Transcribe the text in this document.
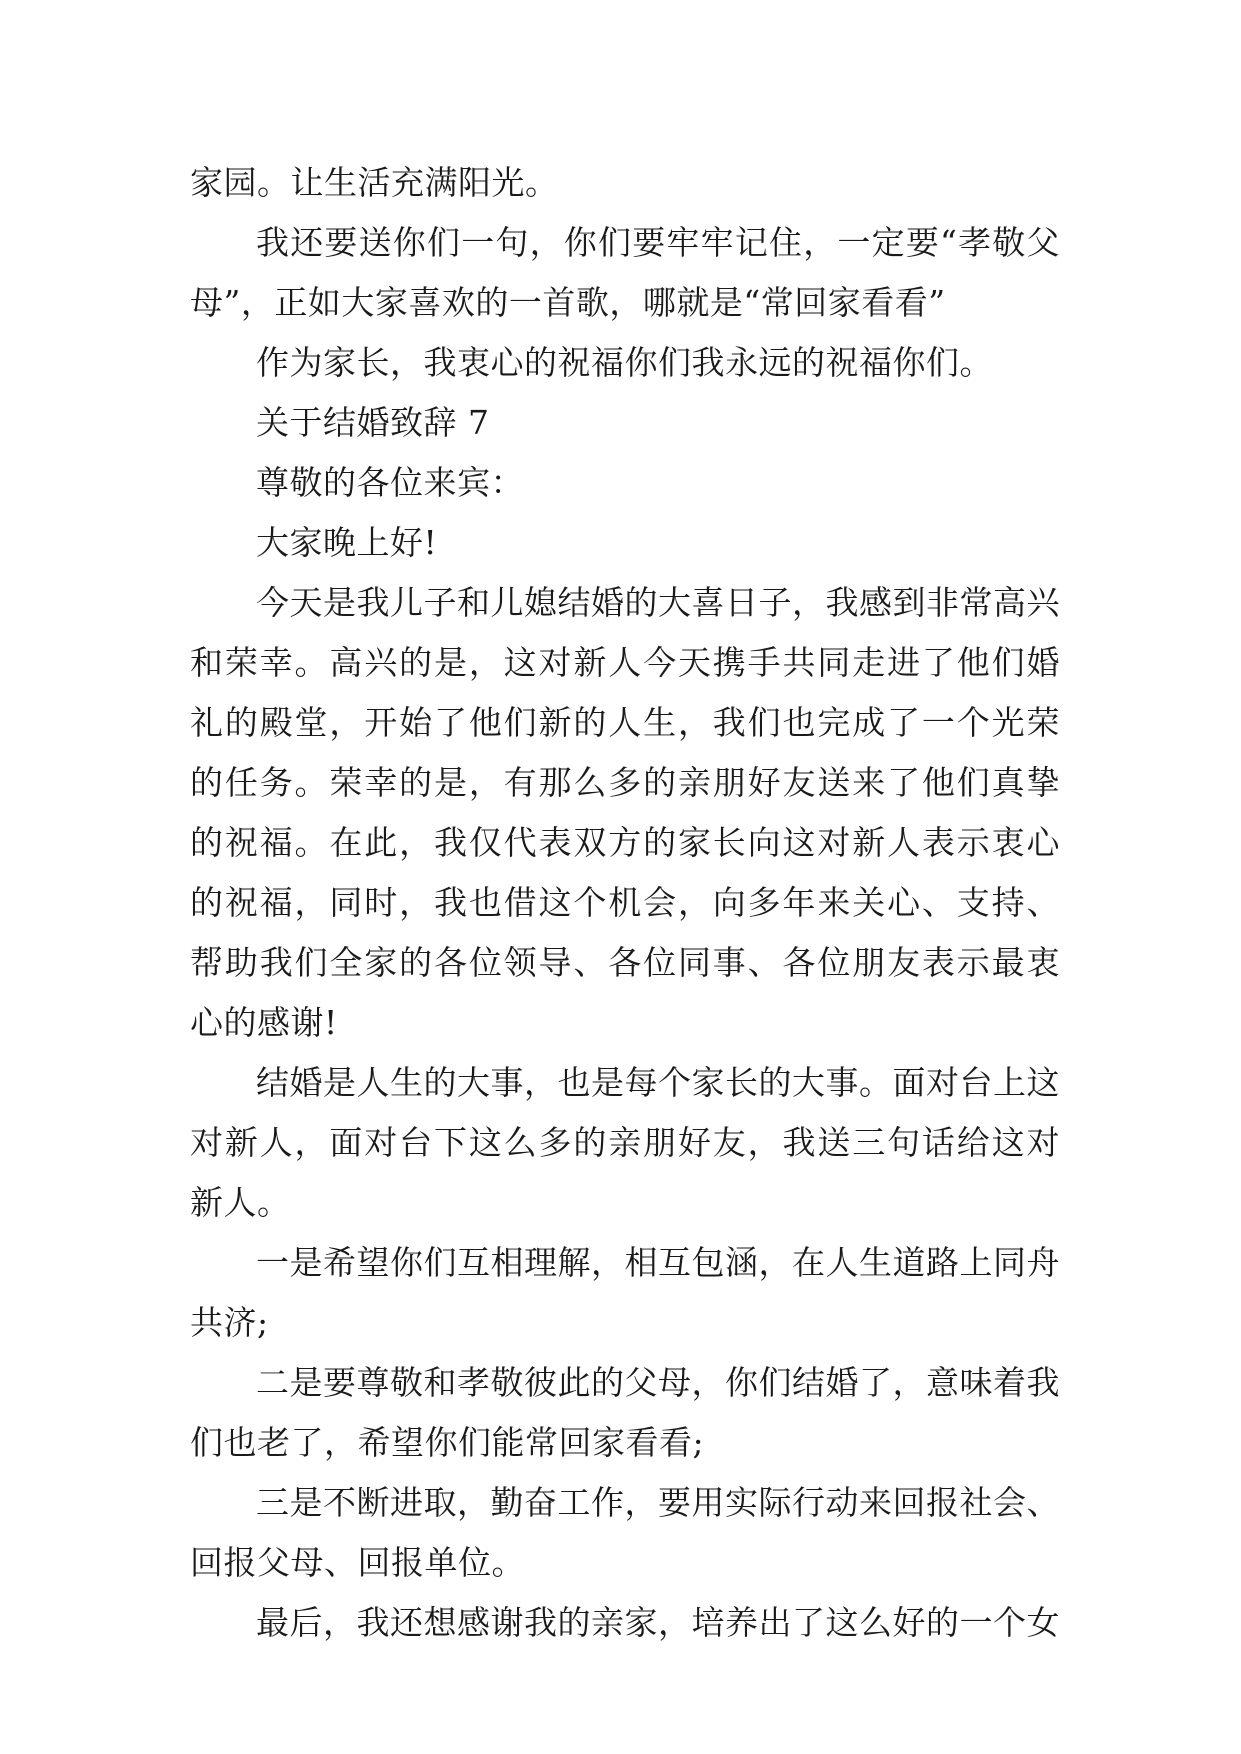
家园。让生活充满阳光。

我还要送你们一句，你们要牢牢记住，一定要“孝敬父母”，正如大家喜欢的一首歌，哪就是“常回家看看”

作为家长，我衷心的祝福你们我永远的祝福你们。

关于结婚致辞 7

尊敬的各位来宾：

大家晚上好!

今天是我儿子和儿媳结婚的大喜日子，我感到非常高兴和荣幸。高兴的是，这对新人今天携手共同走进了他们婚礼的殿堂，开始了他们新的人生，我们也完成了一个光荣的任务。荣幸的是，有那么多的亲朋好友送来了他们真挚的祝福。在此，我仅代表双方的家长向这对新人表示衷心的祝福，同时，我也借这个机会，向多年来关心、支持、帮助我们全家的各位领导、各位同事、各位朋友表示最衷心的感谢!

结婚是人生的大事，也是每个家长的大事。面对台上这对新人，面对台下这么多的亲朋好友，我送三句话给这对新人。

一是希望你们互相理解，相互包涵，在人生道路上同舟共济;

二是要尊敬和孝敬彼此的父母，你们结婚了，意味着我们也老了，希望你们能常回家看看;

三是不断进取，勤奋工作，要用实际行动来回报社会、回报父母、回报单位。

最后，我还想感谢我的亲家，培养出了这么好的一个女
